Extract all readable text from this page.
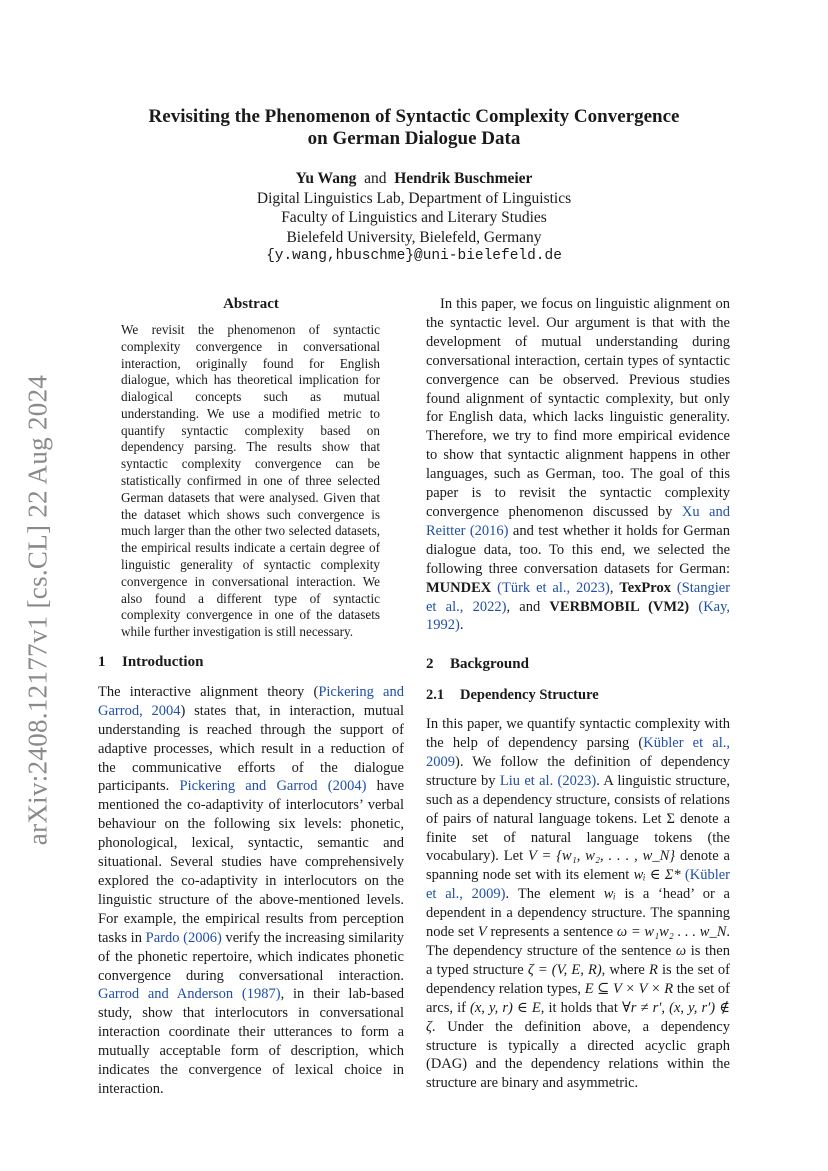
arXiv:2408.12177v1 [cs.CL] 22 Aug 2024
Revisiting the Phenomenon of Syntactic Complexity Convergence
on German Dialogue Data
Yu Wang and Hendrik Buschmeier
Digital Linguistics Lab, Department of Linguistics
Faculty of Linguistics and Literary Studies
Bielefeld University, Bielefeld, Germany
{y.wang,hbuschme}@uni-bielefeld.de
Abstract
We revisit the phenomenon of syntactic complexity convergence in conversational interaction, originally found for English dialogue, which has theoretical implication for dialogical concepts such as mutual understanding. We use a modified metric to quantify syntactic complexity based on dependency parsing. The results show that syntactic complexity convergence can be statistically confirmed in one of three selected German datasets that were analysed. Given that the dataset which shows such convergence is much larger than the other two selected datasets, the empirical results indicate a certain degree of linguistic generality of syntactic complexity convergence in conversational interaction. We also found a different type of syntactic complexity convergence in one of the datasets while further investigation is still necessary.
1 Introduction

The interactive alignment theory (Pickering and Garrod, 2004) states that, in interaction, mutual understanding is reached through the support of adaptive processes, which result in a reduction of the communicative efforts of the dialogue participants. Pickering and Garrod (2004) have mentioned the co-adaptivity of interlocutors’ verbal behaviour on the following six levels: phonetic, phonological, lexical, syntactic, semantic and situational. Several studies have comprehensively explored the co-adaptivity in interlocutors on the linguistic structure of the above-mentioned levels. For example, the empirical results from perception tasks in Pardo (2006) verify the increasing similarity of the phonetic repertoire, which indicates phonetic convergence during conversational interaction. Garrod and Anderson (1987), in their lab-based study, show that interlocutors in conversational interaction coordinate their utterances to form a mutually acceptable form of description, which indicates the convergence of lexical choice in interaction.

In this paper, we focus on linguistic alignment on the syntactic level. Our argument is that with the development of mutual understanding during conversational interaction, certain types of syntactic convergence can be observed. Previous studies found alignment of syntactic complexity, but only for English data, which lacks linguistic generality. Therefore, we try to find more empirical evidence to show that syntactic alignment happens in other languages, such as German, too. The goal of this paper is to revisit the syntactic complexity convergence phenomenon discussed by Xu and Reitter (2016) and test whether it holds for German dialogue data, too. To this end, we selected the following three conversation datasets for German: MUNDEX (Türk et al., 2023), TexProx (Stangier et al., 2022), and VERBMOBIL (VM2) (Kay, 1992).

2 Background
2.1 Dependency Structure

In this paper, we quantify syntactic complexity with the help of dependency parsing (Kübler et al., 2009). We follow the definition of dependency structure by Liu et al. (2023). A linguistic structure, such as a dependency structure, consists of relations of pairs of natural language tokens. Let Σ denote a finite set of natural language tokens (the vocabulary). Let V = {w₁, w₂, . . . , w_N} denote a spanning node set with its element wᵢ ∈ Σ* (Kübler et al., 2009). The element wᵢ is a ‘head’ or a dependent in a dependency structure. The spanning node set V represents a sentence ω = w₁w₂ . . . w_N. The dependency structure of the sentence ω is then a typed structure ζ = (V, E, R), where R is the set of dependency relation types, E ⊆ V × V × R the set of arcs, if (x, y, r) ∈ E, it holds that ∀r ≠ r′, (x, y, r′) ∉ ζ. Under the definition above, a dependency structure is typically a directed acyclic graph (DAG) and the dependency relations within the structure are binary and asymmetric.
